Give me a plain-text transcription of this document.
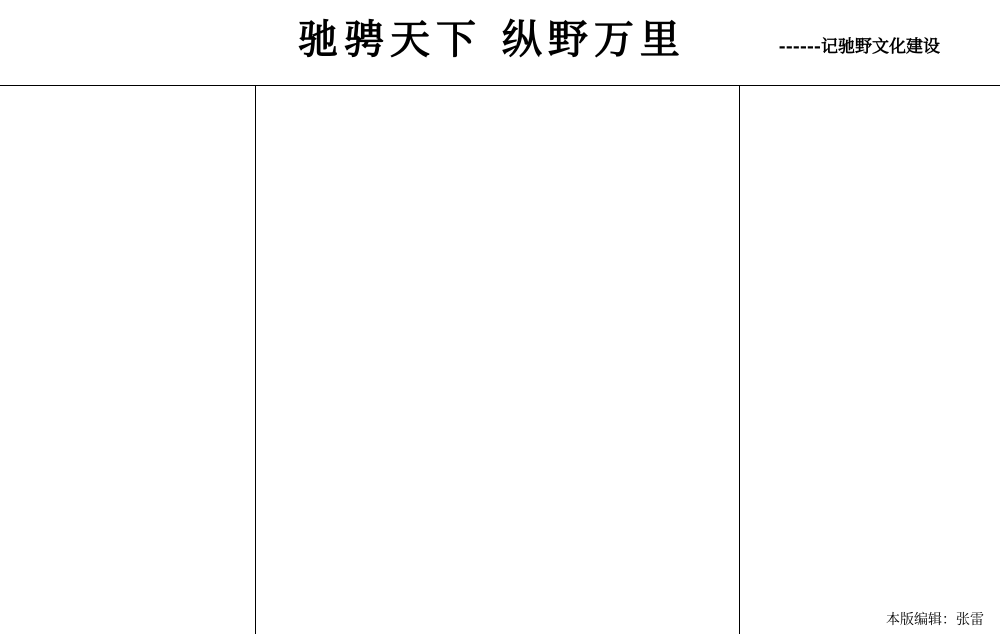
驰骋天下 纵野万里	------记驰野文化建设
本版编辑：张雷
